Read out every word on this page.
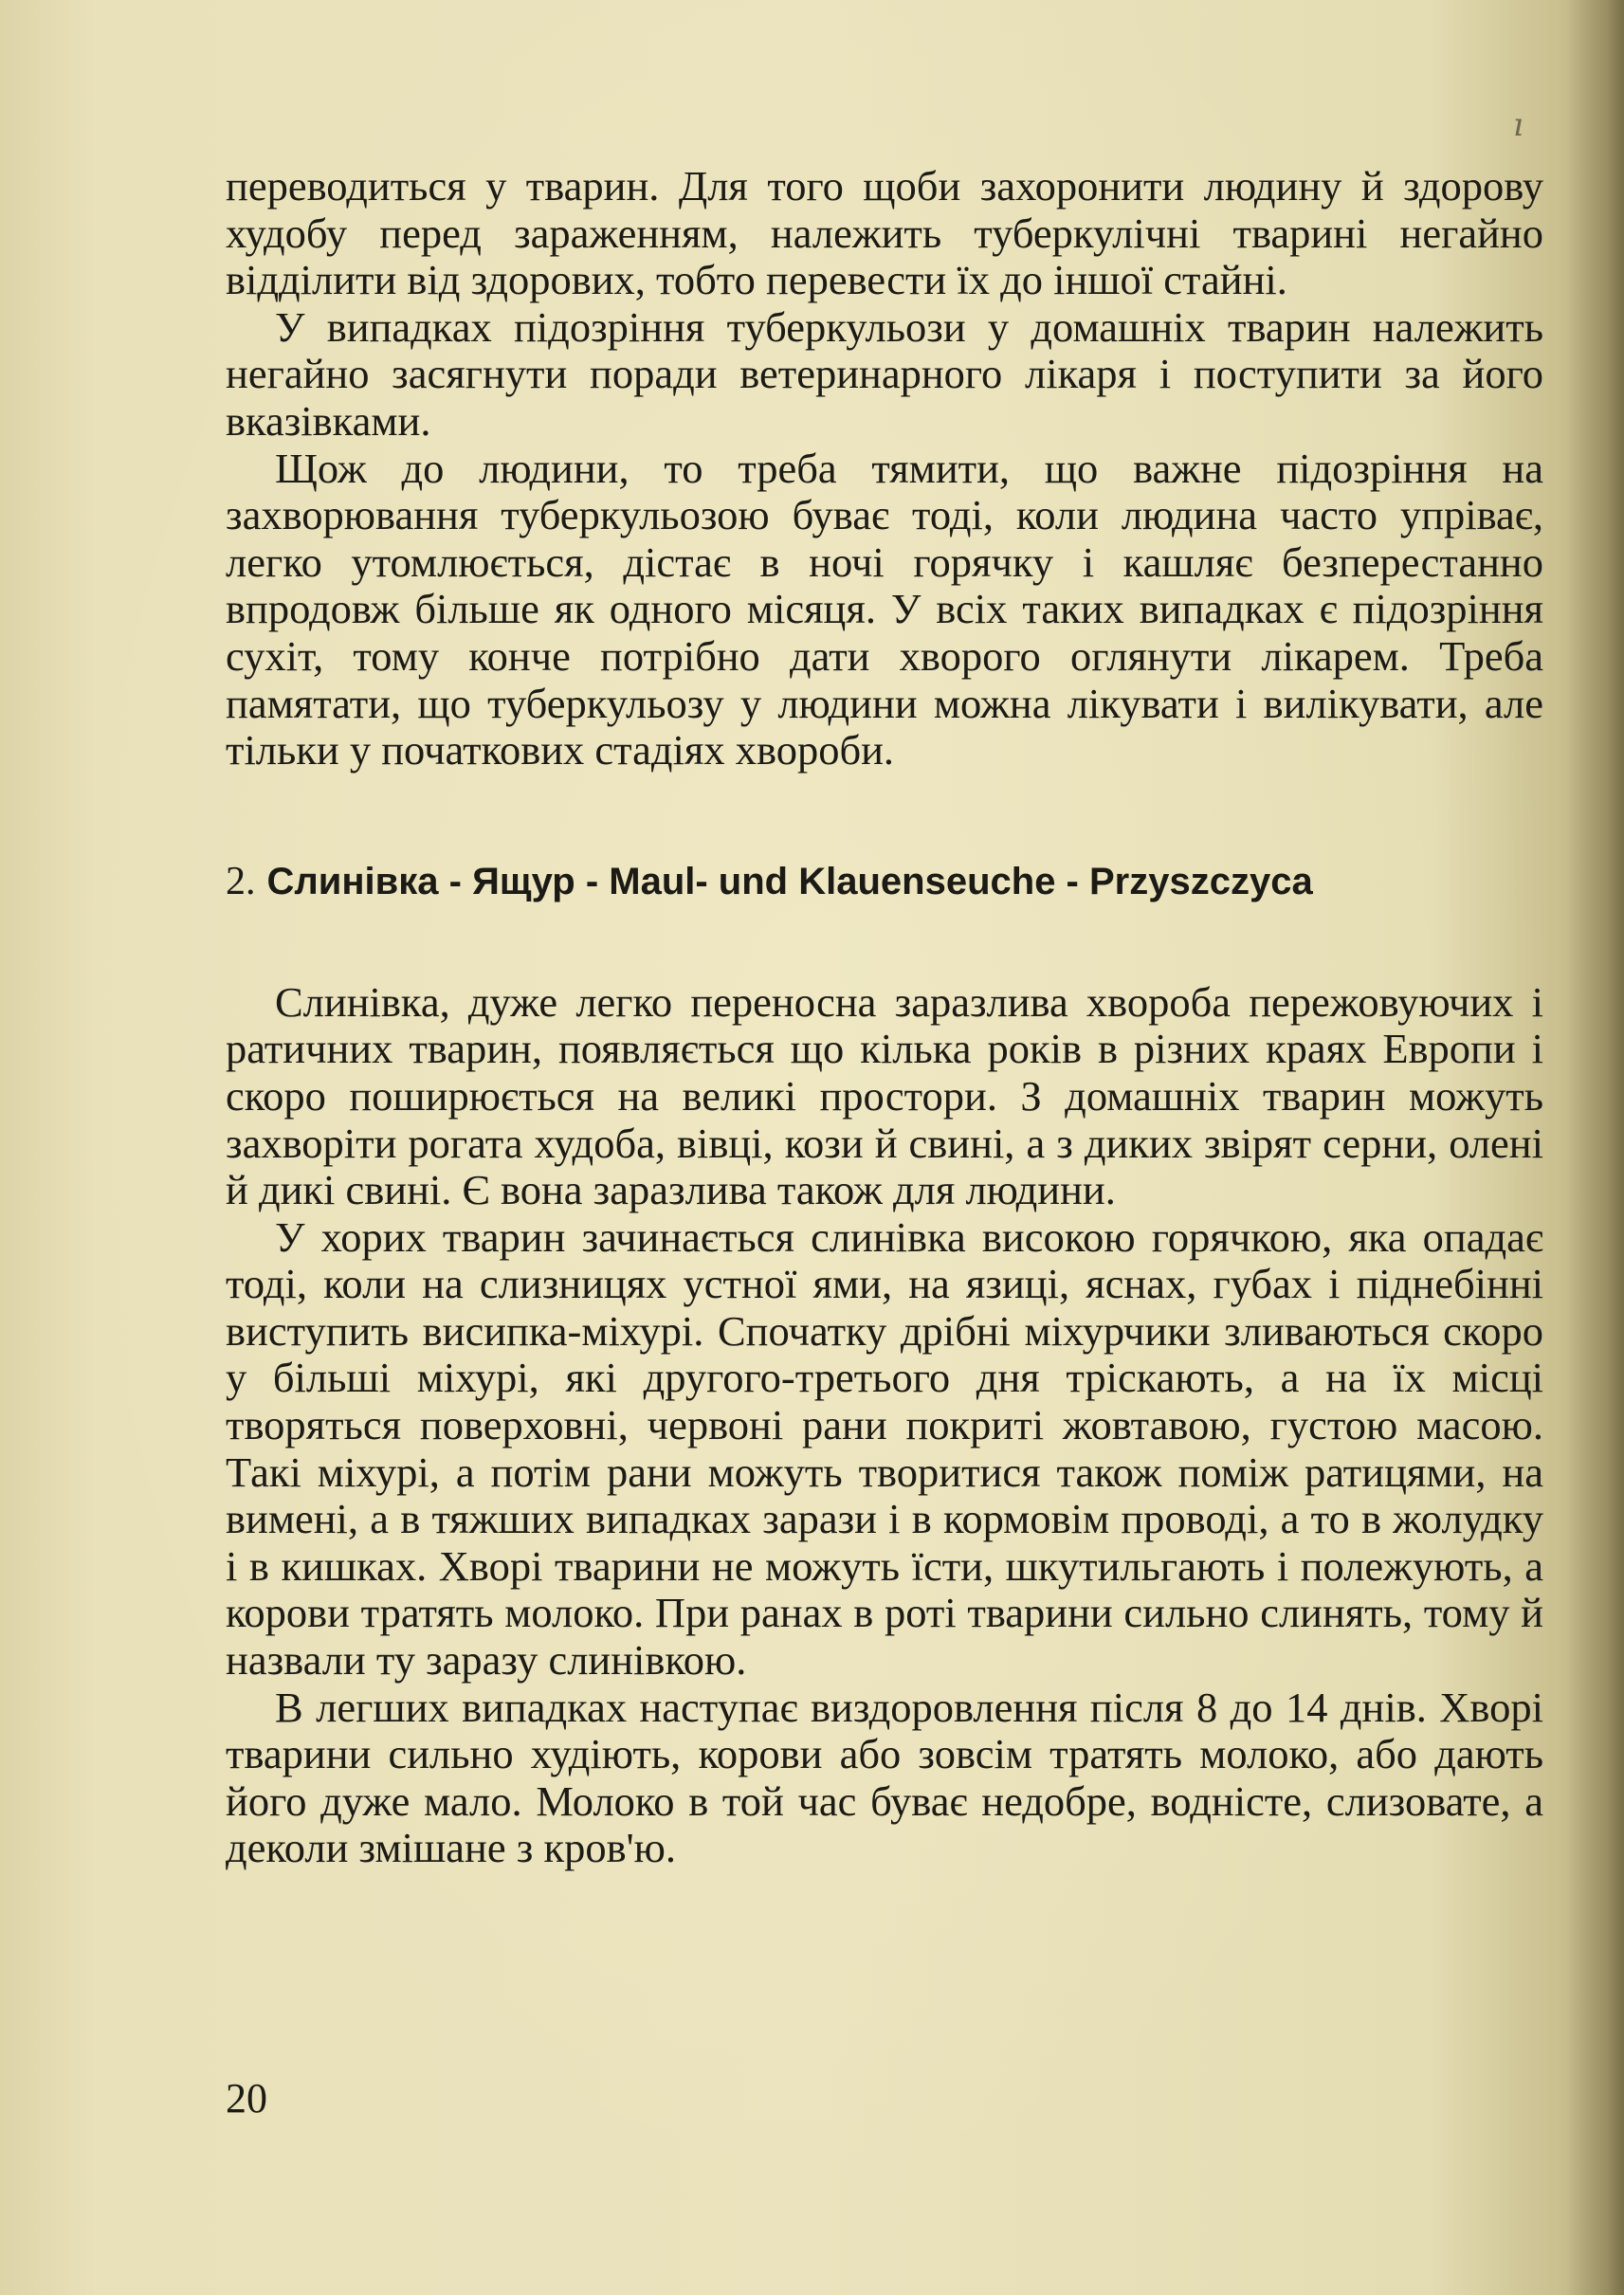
ı

переводиться у тварин. Для того щоби захоронити людину й здорову худобу перед зараженням, належить туберкулічні тварині негайно відділити від здорових, тобто перевести їх до іншої стайні.

У випадках підозріння туберкульози у домашніх тварин належить негайно засягнути поради ветеринарного лікаря і поступити за його вказівками.

Щож до людини, то треба тямити, що важне підозріння на захворювання туберкульозою буває тоді, коли людина часто упріває, легко утомлюється, дістає в ночі горячку і кашляє безперестанно впродовж більше як одного місяця. У всіх таких випадках є підозріння сухіт, тому конче потрібно дати хворого оглянути лікарем. Треба памятати, що туберкульозу у людини можна лікувати і вилікувати, але тільки у початкових стадіях хвороби.

2. Слинівка - Ящур - Maul- und Klauenseuche - Przyszczyca

Слинівка, дуже легко переносна заразлива хвороба пережовуючих і ратичних тварин, появляється що кілька років в різних краях Европи і скоро поширюється на великі простори. З домашніх тварин можуть захворіти рогата худоба, вівці, кози й свині, а з диких звірят серни, олені й дикі свині. Є вона заразлива також для людини.

У хорих тварин зачинається слинівка високою горячкою, яка опадає тоді, коли на слизницях устної ями, на язиці, яснах, губах і піднебінні виступить висипка-міхурі. Спочатку дрібні міхурчики зливаються скоро у більші міхурі, які другого-третього дня тріскають, а на їх місці творяться поверховні, червоні рани покриті жовтавою, густою масою. Такі міхурі, а потім рани можуть творитися також поміж ратицями, на вимені, а в тяжших випадках зарази і в кормовім проводі, а то в жолудку і в кишках. Хворі тварини не можуть їсти, шкутильгають і полежують, а корови тратять молоко. При ранах в роті тварини сильно слинять, тому й назвали ту заразу слинівкою.

В легших випадках наступає виздоровлення після 8 до 14 днів. Хворі тварини сильно худіють, корови або зовсім тратять молоко, або дають його дуже мало. Молоко в той час буває недобре, водністе, слизовате, а деколи змішане з кров'ю.

20
